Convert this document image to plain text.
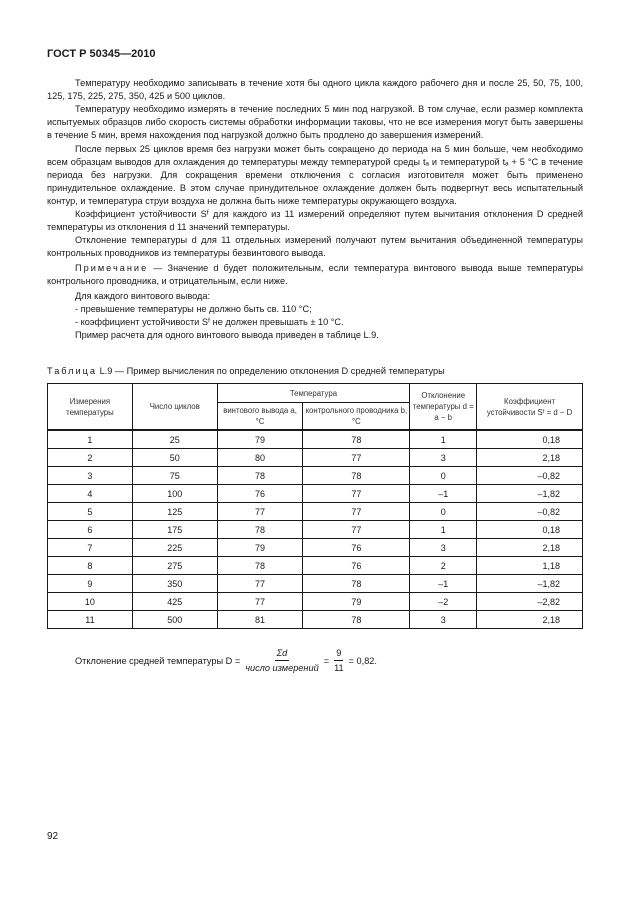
ГОСТ Р 50345—2010

Температуру необходимо записывать в течение хотя бы одного цикла каждого рабочего дня и после 25, 50, 75, 100, 125, 175, 225, 275, 350, 425 и 500 циклов.

Температуру необходимо измерять в течение последних 5 мин под нагрузкой. В том случае, если размер комплекта испытуемых образцов либо скорость системы обработки информации таковы, что не все измерения могут быть завершены в течение 5 мин, время нахождения под нагрузкой должно быть продлено до завершения измерений.

После первых 25 циклов время без нагрузки может быть сокращено до периода на 5 мин больше, чем необходимо всем образцам выводов для охлаждения до температуры между температурой среды tₐ и температурой tₐ + 5 °С в течение периода без нагрузки. Для сокращения времени отключения с согласия изготовителя может быть применено принудительное охлаждение. В этом случае принудительное охлаждение должен быть подвергнут весь испытательный контур, и температура струи воздуха не должна быть ниже температуры окружающего воздуха.

Коэффициент устойчивости Sᶠ для каждого из 11 измерений определяют путем вычитания отклонения D средней температуры из отклонения d 11 значений температуры.

Отклонение температуры d для 11 отдельных измерений получают путем вычитания объединенной температуры контрольных проводников из температуры безвинтового вывода.

Примечание — Значение d будет положительным, если температура винтового вывода выше температуры контрольного проводника, и отрицательным, если ниже.

Для каждого винтового вывода:

- превышение температуры не должно быть св. 110 °С;

- коэффициент устойчивости Sᶠ не должен превышать ± 10 °С.

Пример расчета для одного винтового вывода приведен в таблице L.9.

Таблица L.9 — Пример вычисления по определению отклонения D средней температуры
Измерения температуры	Число циклов	Температура		Отклонение температуры d = a − b	Коэффициент устойчивости Sᶠ = d − D
		винтового вывода a, °C	контрольного проводника b, °C		
1	25	79	78	1	0,18
2	50	80	77	3	2,18
3	75	78	78	0	–0,82
4	100	76	77	–1	–1,82
5	125	77	77	0	–0,82
6	175	78	77	1	0,18
7	225	79	76	3	2,18
8	275	78	76	2	1,18
9	350	77	78	–1	–1,82
10	425	77	79	–2	–2,82
11	500	81	78	3	2,18
Отклонение средней температуры $D = \frac{\Sigma d}{\text{число измерений}} = \frac{9}{11} = 0,82$.
92
